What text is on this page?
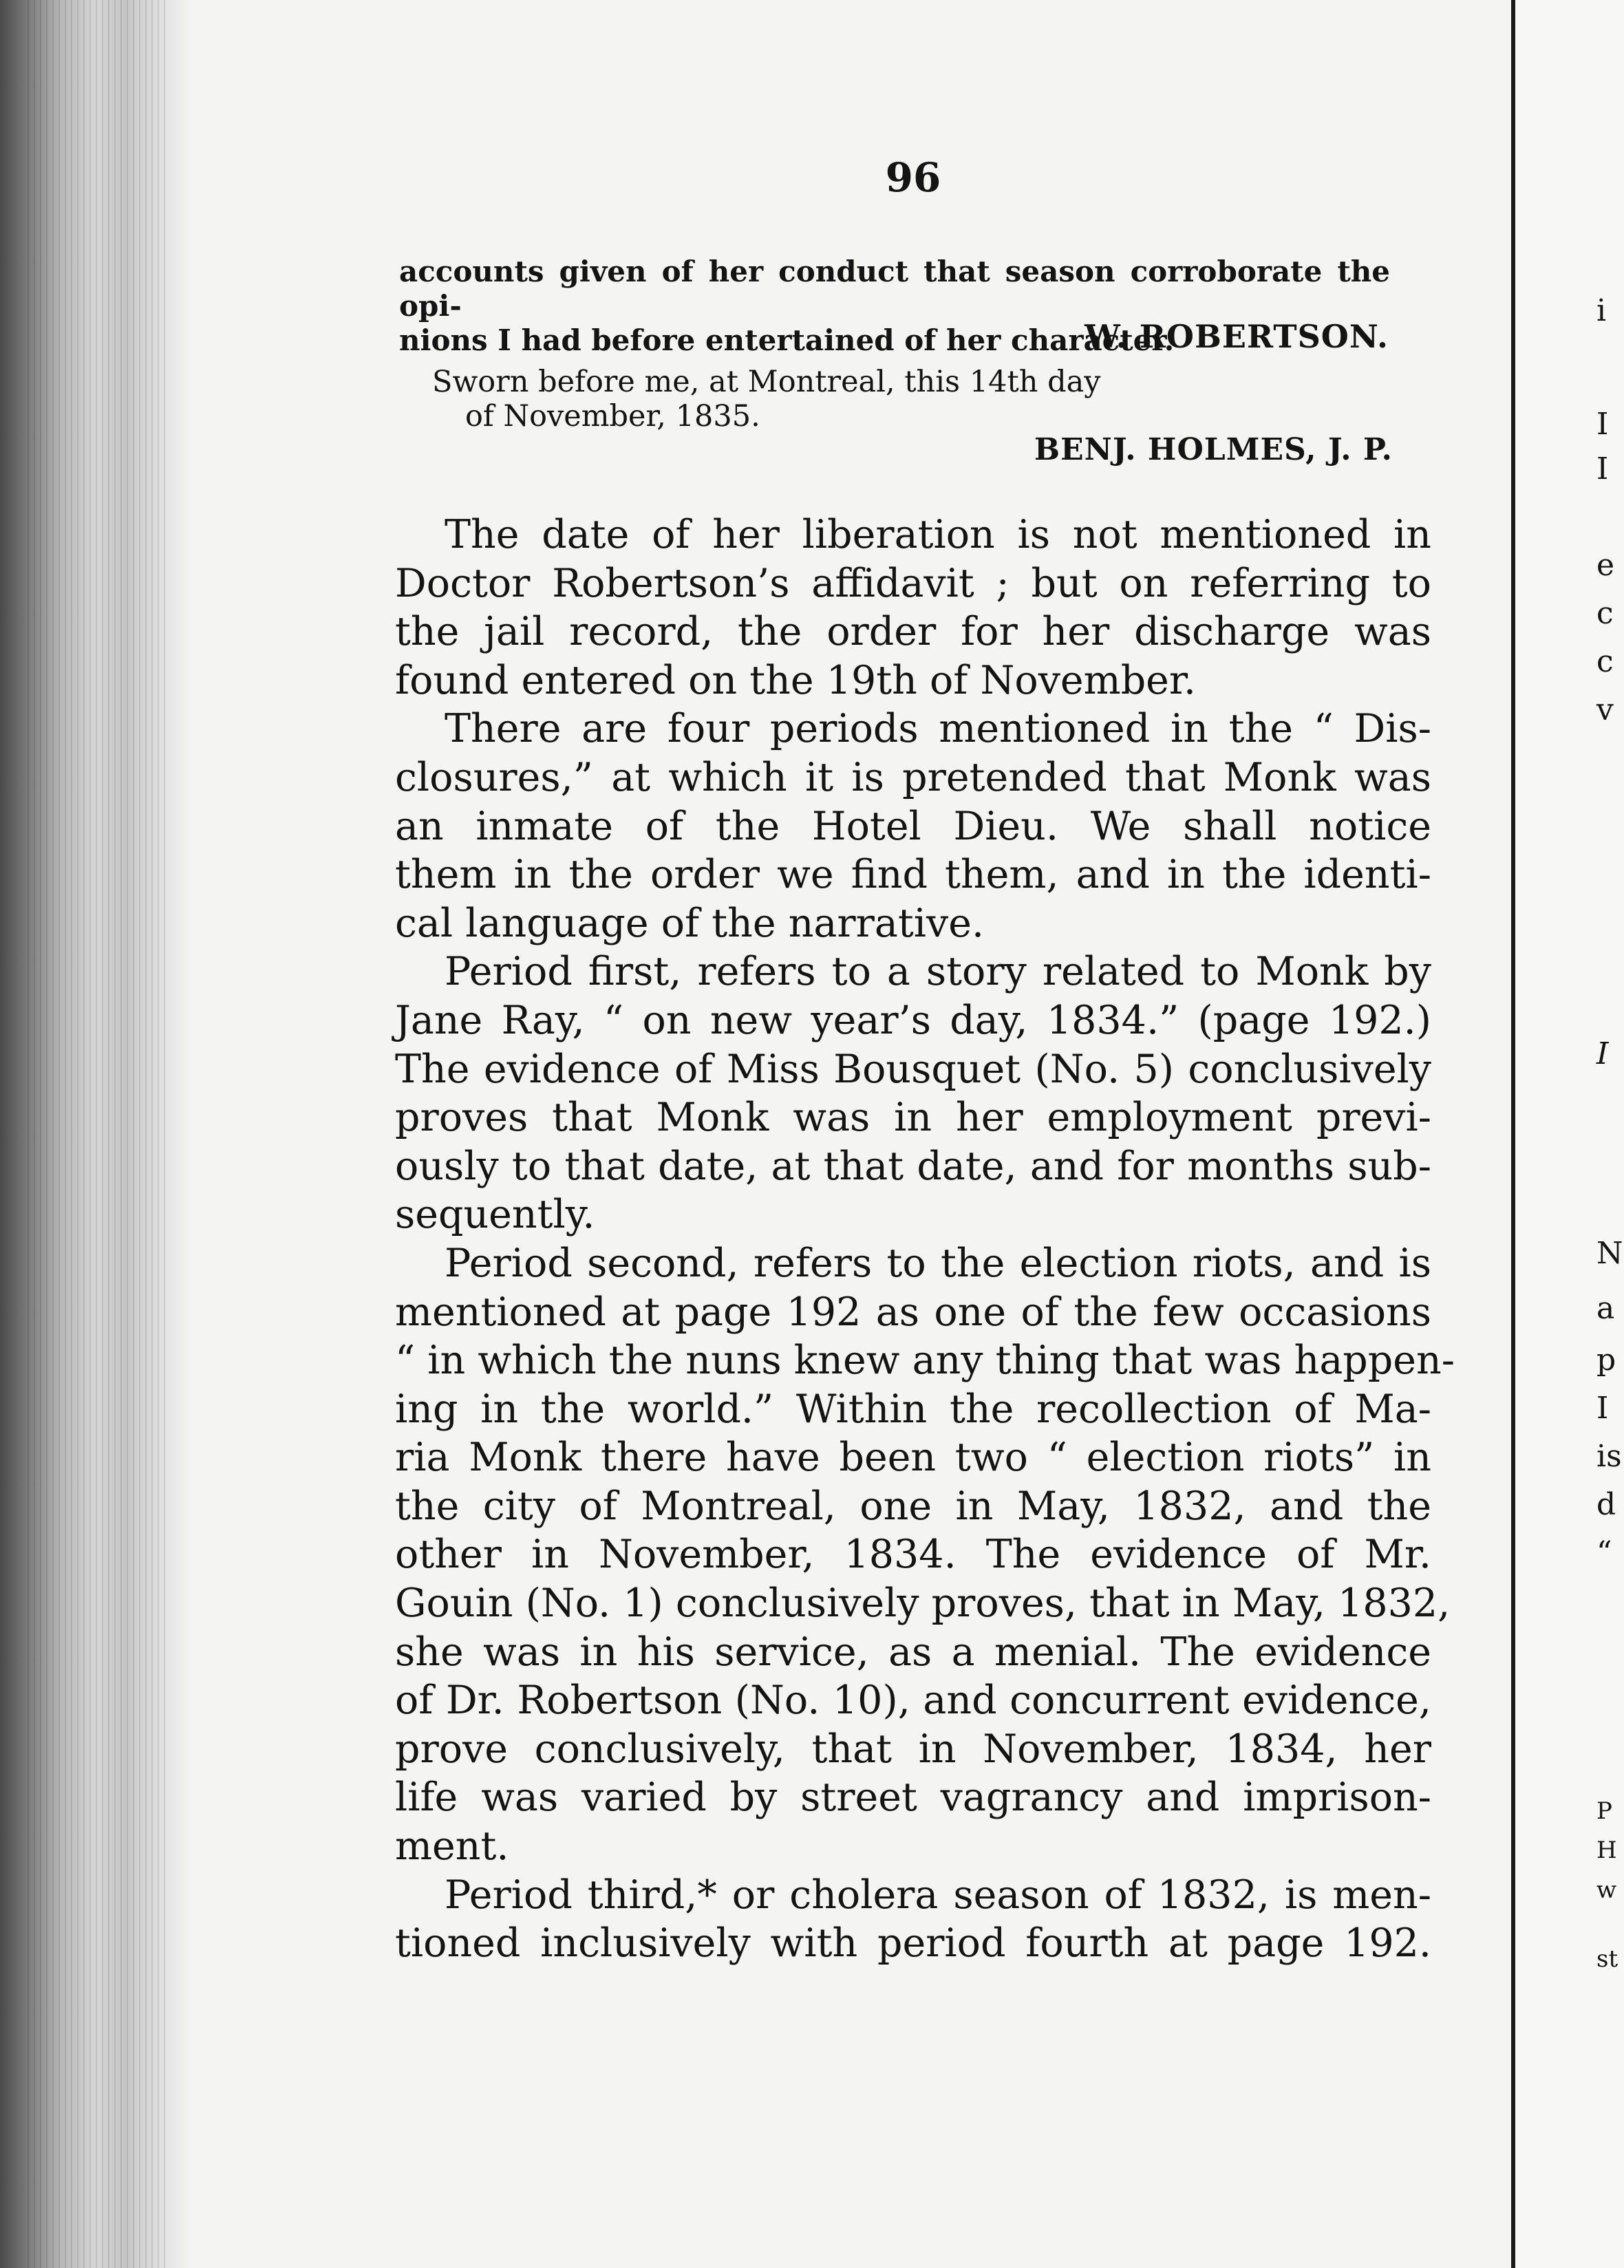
i
I
I
e
c
c
v
I
N
a
p
I
is
d
“
P
H
w
st
96
accounts given of her conduct that season corroborate the opi-
nions I had before entertained of her character.
W. ROBERTSON.
Sworn before me, at Montreal, this 14th day
of November, 1835.
BENJ. HOLMES, J. P.
The date of her liberation is not mentioned in
Doctor Robertson’s affidavit ; but on referring to
the jail record, the order for her discharge was
found entered on the 19th of November.
There are four periods mentioned in the “ Dis-
closures,” at which it is pretended that Monk was
an inmate of the Hotel Dieu. We shall notice
them in the order we find them, and in the identi-
cal language of the narrative.
Period first, refers to a story related to Monk by
Jane Ray, “ on new year’s day, 1834.” (page 192.)
The evidence of Miss Bousquet (No. 5) conclusively
proves that Monk was in her employment previ-
ously to that date, at that date, and for months sub-
sequently.
Period second, refers to the election riots, and is
mentioned at page 192 as one of the few occasions
“ in which the nuns knew any thing that was happen-
ing in the world.” Within the recollection of Ma-
ria Monk there have been two “ election riots” in
the city of Montreal, one in May, 1832, and the
other in November, 1834. The evidence of Mr.
Gouin (No. 1) conclusively proves, that in May, 1832,
she was in his service, as a menial. The evidence
of Dr. Robertson (No. 10), and concurrent evidence,
prove conclusively, that in November, 1834, her
life was varied by street vagrancy and imprison-
ment.
Period third,* or cholera season of 1832, is men-
tioned inclusively with period fourth at page 192.
